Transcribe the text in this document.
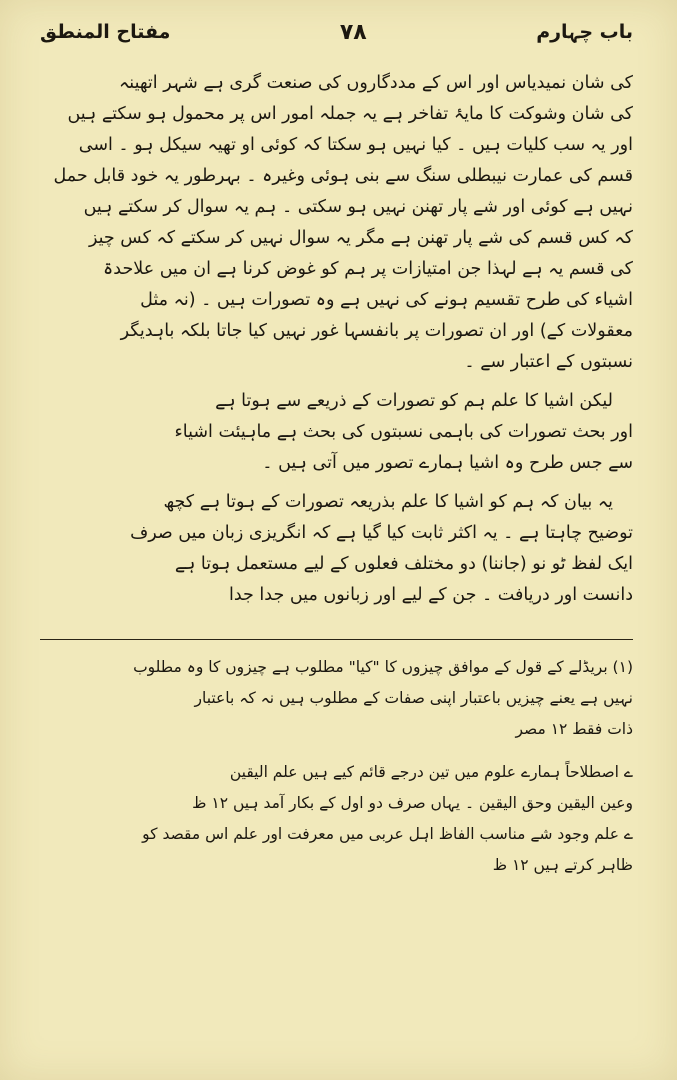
باب چہارم
۷۸
مفتاح المنطق
کی شان نمیدیاس اور اس کے مددگاروں کی صنعت گری ہے شہر اتھینہ
کی شان وشوکت کا مایۂ تفاخر ہے یہ جملہ امور اس پر محمول ہو سکتے ہیں
اور یہ سب کلیات ہیں ۔ کیا نہیں ہو سکتا کہ کوئی او تھیہ سیکل ہو ۔ اسی
قسم کی عمارت نیبطلی سنگ سے بنی ہوئی وغیرہ ۔ بہرطور یہ خود قابل حمل
نہیں ہے کوئی اور شے پار تھنن نہیں ہو سکتی ۔ ہم یہ سوال کر سکتے ہیں
کہ کس قسم کی شے پار تھنن ہے مگر یہ سوال نہیں کر سکتے کہ کس چیز
کی قسم یہ ہے لہذا جن امتیازات پر ہم کو غوض کرنا ہے ان میں علاحدۃ
اشیاء کی طرح تقسیم ہونے کی نہیں ہے وہ تصورات ہیں ۔ (نہ مثل
معقولات کے) اور ان تصورات پر بانفسہا غور نہیں کیا جاتا بلکہ باہدیگر
نسبتوں کے اعتبار سے ۔
لیکن اشیا کا علم ہم کو تصورات کے ذریعے سے ہوتا ہے
اور بحث تصورات کی باہمی نسبتوں کی بحث ہے ماہیئت اشیاء
سے جس طرح وہ اشیا ہمارے تصور میں آتی ہیں ۔
یہ بیان کہ ہم کو اشیا کا علم بذریعہ تصورات کے ہوتا ہے کچھ
توضیح چاہتا ہے ۔ یہ اکثر ثابت کیا گیا ہے کہ انگریزی زبان میں صرف
ایک لفظ ٹو نو (جاننا) دو مختلف فعلوں کے لیے مستعمل ہوتا ہے
دانست اور دریافت ۔ جن کے لیے اور زبانوں میں جدا جدا
(۱) بریڈلے کے قول کے موافق چیزوں کا "کیا" مطلوب ہے چیزوں کا وہ مطلوب
نہیں ہے یعنے چیزیں باعتبار اپنی صفات کے مطلوب ہیں نہ کہ باعتبار
ذات فقط ۱۲ مصر
ے اصطلاحاً ہمارے علوم میں تین درجے قائم کیے ہیں علم الیقین
وعین الیقین وحق الیقین ۔ یہاں صرف دو اول کے بکار آمد ہیں ۱۲ ظ
ے علم وجود شے مناسب الفاظ اہل عربی میں معرفت اور علم اس مقصد کو
ظاہر کرتے ہیں ۱۲ ظ
